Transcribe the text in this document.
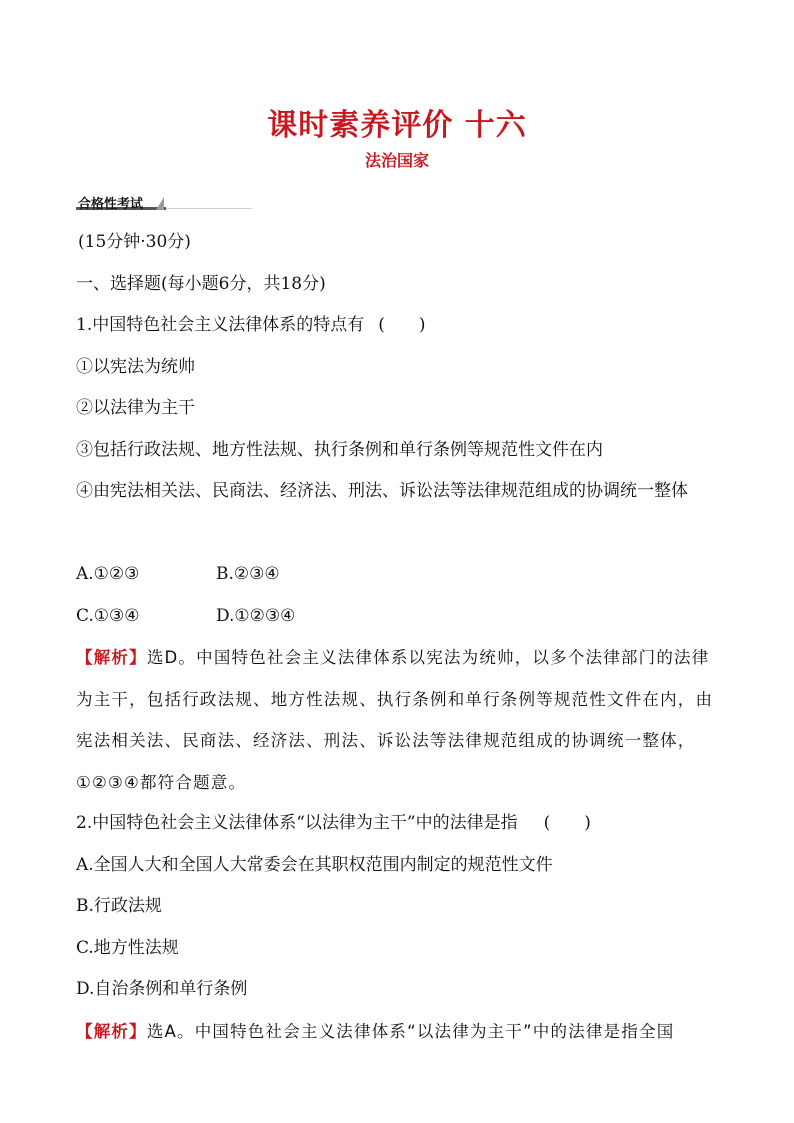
课时素养评价 十六
法治国家
合格性考试
(15分钟·30分)
一、选择题(每小题6分，共18分)
1.中国特色社会主义法律体系的特点有 (　　)
①以宪法为统帅
②以法律为主干
③包括行政法规、地方性法规、执行条例和单行条例等规范性文件在内
④由宪法相关法、民商法、经济法、刑法、诉讼法等法律规范组成的协调统一整体
A.①②③	B.②③④
C.①③④	D.①②③④

【解析】选D。中国特色社会主义法律体系以宪法为统帅，以多个法律部门的法律为主干，包括行政法规、地方性法规、执行条例和单行条例等规范性文件在内，由宪法相关法、民商法、经济法、刑法、诉讼法等法律规范组成的协调统一整体，①②③④都符合题意。

2.中国特色社会主义法律体系“以法律为主干”中的法律是指 (　　)
A.全国人大和全国人大常委会在其职权范围内制定的规范性文件
B.行政法规
C.地方性法规
D.自治条例和单行条例

【解析】选A。中国特色社会主义法律体系“以法律为主干”中的法律是指全国
